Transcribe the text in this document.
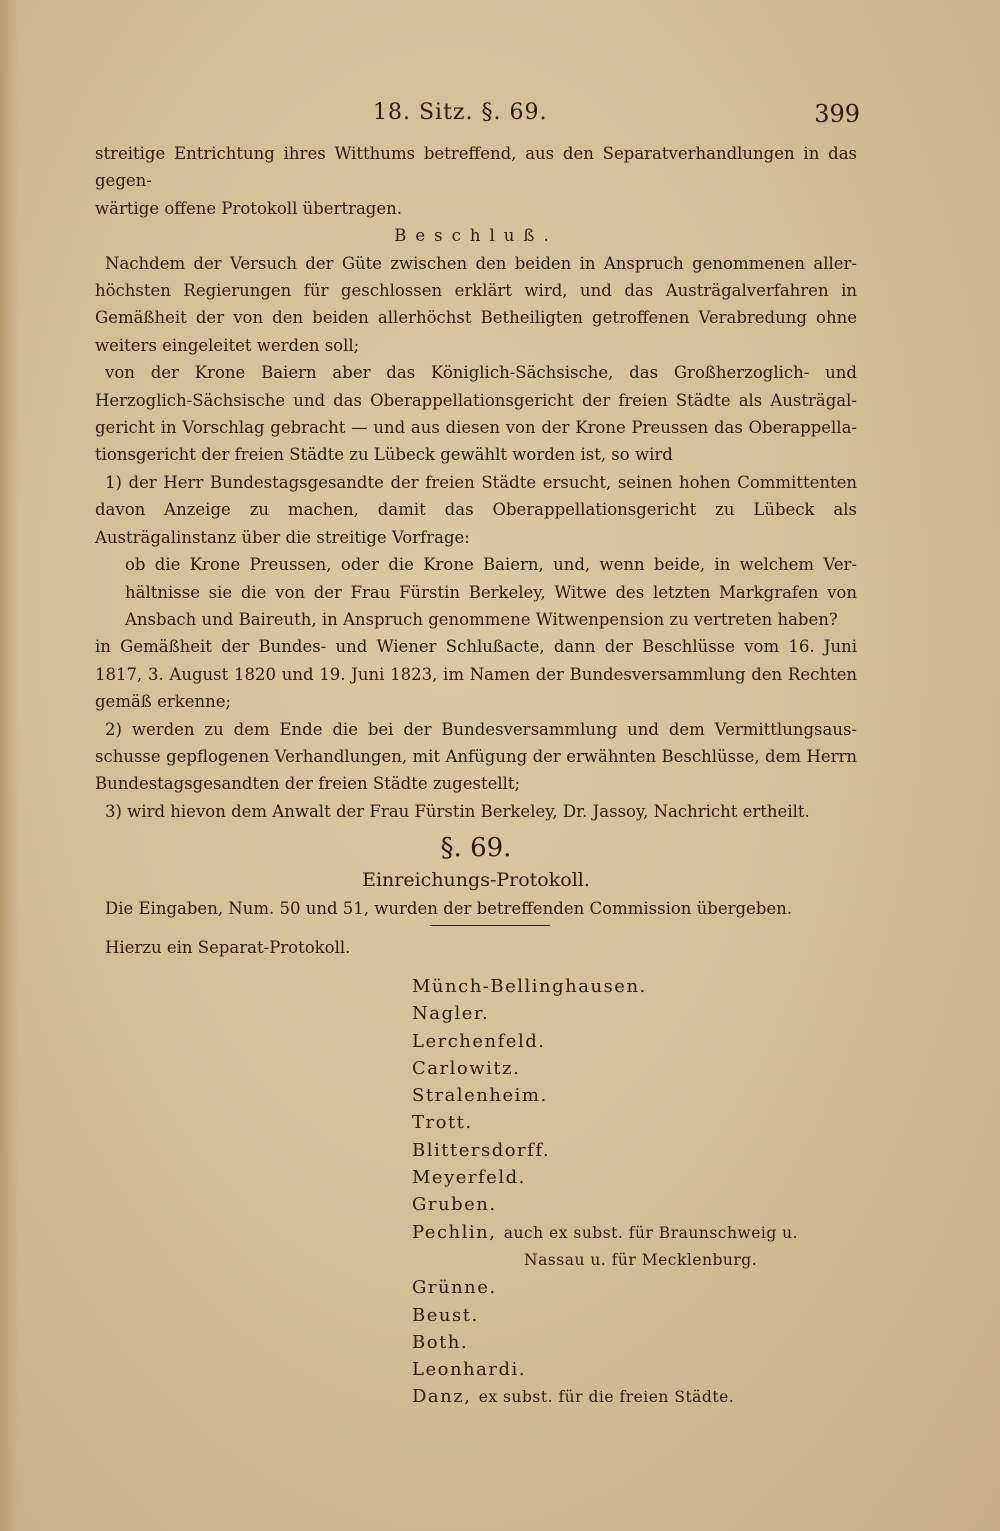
18. Sitz. §. 69.	399

streitige Entrichtung ihres Witthums betreffend, aus den Separatverhandlungen in das gegen-

wärtige offene Protokoll übertragen.

Beschluß.

Nachdem der Versuch der Güte zwischen den beiden in Anspruch genommenen aller-höchsten Regierungen für geschlossen erklärt wird, und das Austrägalverfahren in Gemäßheit der von den beiden allerhöchst Betheiligten getroffenen Verabredung ohne weiters eingeleitet werden soll;

von der Krone Baiern aber das Königlich-Sächsische, das Großherzoglich- und Herzoglich-Sächsische und das Oberappellationsgericht der freien Städte als Austrägal-gericht in Vorschlag gebracht — und aus diesen von der Krone Preussen das Oberappella-tionsgericht der freien Städte zu Lübeck gewählt worden ist, so wird

1) der Herr Bundestagsgesandte der freien Städte ersucht, seinen hohen Committenten davon Anzeige zu machen, damit das Oberappellationsgericht zu Lübeck als Austrägalinstanz über die streitige Vorfrage:

ob die Krone Preussen, oder die Krone Baiern, und, wenn beide, in welchem Ver-hältnisse sie die von der Frau Fürstin Berkeley, Witwe des letzten Markgrafen von Ansbach und Baireuth, in Anspruch genommene Witwenpension zu vertreten haben?

in Gemäßheit der Bundes- und Wiener Schlußacte, dann der Beschlüsse vom 16. Juni 1817, 3. August 1820 und 19. Juni 1823, im Namen der Bundesversammlung den Rechten gemäß erkenne;

2) werden zu dem Ende die bei der Bundesversammlung und dem Vermittlungsaus-schusse gepflogenen Verhandlungen, mit Anfügung der erwähnten Beschlüsse, dem Herrn Bundestagsgesandten der freien Städte zugestellt;

3) wird hievon dem Anwalt der Frau Fürstin Berkeley, Dr. Jassoy, Nachricht ertheilt.

§. 69.
Einreichungs-Protokoll.

Die Eingaben, Num. 50 und 51, wurden der betreffenden Commission übergeben.

Hierzu ein Separat-Protokoll.

Münch-Bellinghausen.
Nagler.
Lerchenfeld.
Carlowitz.
Stralenheim.
Trott.
Blittersdorff.
Meyerfeld.
Gruben.
Pechlin, auch ex subst. für Braunschweig u.
Nassau u. für Mecklenburg.
Grünne.
Beust.
Both.
Leonhardi.
Danz, ex subst. für die freien Städte.
